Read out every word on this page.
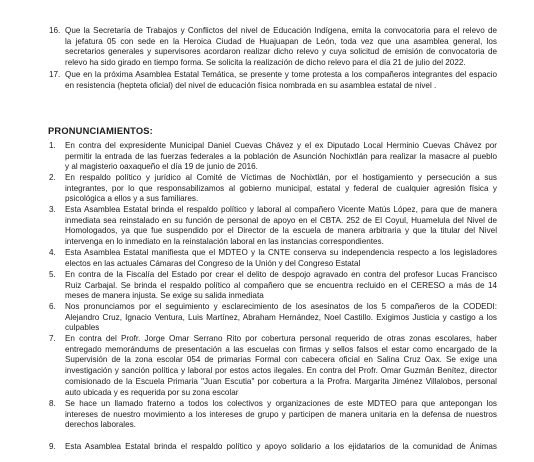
16. Que la Secretaría de Trabajos y Conflictos del nivel de Educación Indígena, emita la convocatoria para el relevo de
la jefatura 05 con sede en la Heroica Ciudad de Huajuapan de León, toda vez que una asamblea general, los
secretarios generales y supervisores acordaron realizar dicho relevo y cuya solicitud de emisión de convocatoria de
relevo ha sido girado en tiempo forma. Se solicita la realización de dicho relevo para el día 21 de julio del 2022.
17. Que en la próxima Asamblea Estatal Temática, se presente y tome protesta a los compañeros integrantes del espacio
en resistencia (hepteta oficial) del nivel de educación física nombrada en su asamblea estatal de nivel .
PRONUNCIAMIENTOS:
1. En contra del expresidente Municipal Daniel Cuevas Chávez y el ex Diputado Local Herminio Cuevas Chávez por
permitir la entrada de las fuerzas federales a la población de Asunción Nochixtlán para realizar la masacre al pueblo
y al magisterio oaxaqueño el día 19 de junio de 2016.
2. En respaldo político y jurídico al Comité de Víctimas de Nochixtlán, por el hostigamiento y persecución a sus
integrantes, por lo que responsabilizamos al gobierno municipal, estatal y federal de cualquier agresión física y
psicológica a ellos y a sus familiares.
3. Esta Asamblea Estatal brinda el respaldo político y laboral al compañero Vicente Matús López, para que de manera
inmediata sea reinstalado en su función de personal de apoyo en el CBTA. 252 de El Coyul, Huamelula del Nivel de
Homologados, ya que fue suspendido por el Director de la escuela de manera arbitraria y que la titular del Nivel
intervenga en lo inmediato en la reinstalación laboral en las instancias correspondientes.
4. Esta Asamblea Estatal manifiesta que el MDTEO y la CNTE conserva su independencia respecto a los legisladores
electos en las actuales Cámaras del Congreso de la Unión y del Congreso Estatal
5. En contra de la Fiscalía del Estado por crear el delito de despojo agravado en contra del profesor Lucas Francisco
Ruiz Carbajal. Se brinda el respaldo político al compañero que se encuentra recluido en el CERESO a más de 14
meses de manera injusta. Se exige su salida inmediata
6. Nos pronunciamos por el seguimiento y esclarecimiento de los asesinatos de los 5 compañeros de la CODEDI:
Alejandro Cruz, Ignacio Ventura, Luis Martínez, Abraham Hernández, Noel Castillo. Exigimos Justicia y castigo a los
culpables
7. En contra del Profr. Jorge Omar Serrano Rito por cobertura personal requerido de otras zonas escolares, haber
entregado memorándums de presentación a las escuelas con firmas y sellos falsos el estar como encargado de la
Supervisión de la zona escolar 054 de primarias Formal con cabecera oficial en Salina Cruz Oax. Se exige una
investigación y sanción política y laboral por estos actos ilegales. En contra del Profr. Omar Guzmán Benítez, director
comisionado de la Escuela Primaria "Juan Escutia" por cobertura a la Profra. Margarita Jiménez Villalobos, personal
auto ubicada y es requerida por su zona escolar
8. Se hace un llamado fraterno a todos los colectivos y organizaciones de este MDTEO para que antepongan los
intereses de nuestro movimiento a los intereses de grupo y participen de manera unitaria en la defensa de nuestros
derechos laborales.
9. Esta Asamblea Estatal brinda el respaldo político y apoyo solidario a los ejidatarios de la comunidad de Ánimas
